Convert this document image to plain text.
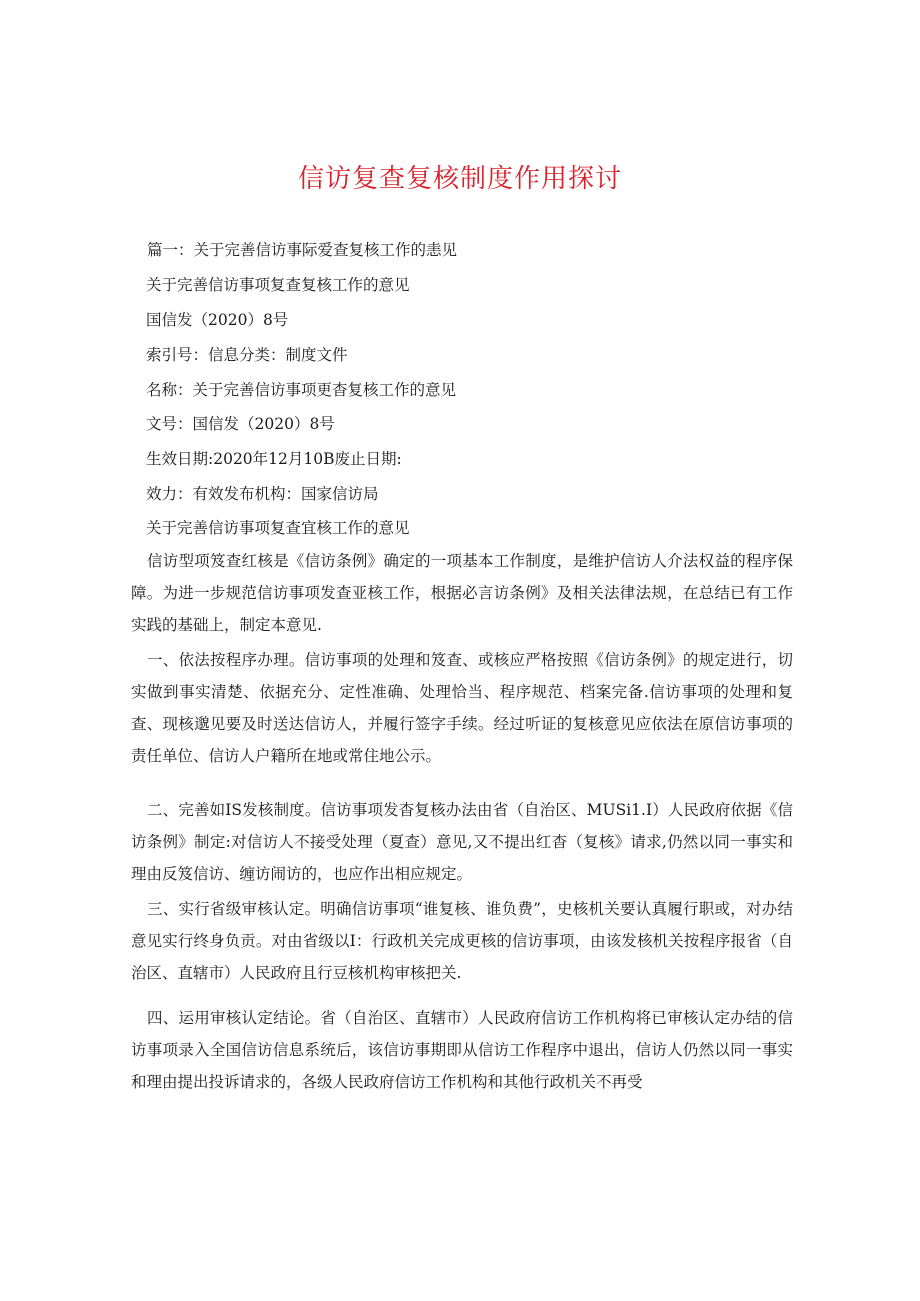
信访复查复核制度作用探讨

篇一：关于完善信访事际爱查复核工作的恚见

关于完善信访事项复查复核工作的意见

国信发（2020）8号

索引号：信息分类：制度文件

名称：关于完善信访事项更杳复核工作的意见

文号：国信发（2020）8号

生效日期:2020年12月10B废止日期:

效力：有效发布机构：国家信访局

关于完善信访事项复查宜核工作的意见

信访型项笈查红核是《信访条例》确定的一项基本工作制度，是维护信访人介法权益的程序保障。为进一步规范信访事项发查亚核工作，根据必言访条例》及相关法律法规，在总结已有工作实践的基础上，制定本意见.

一、依法按程序办理。信访事项的处理和笈查、或核应严格按照《信访条例》的规定进行，切实做到事实清楚、依据充分、定性准确、处理恰当、程序规范、档案完备.信访事项的处理和复查、现核邈见要及时送达信访人，并履行签字手续。经过听证的复核意见应依法在原信访事项的责任单位、信访人户籍所在地或常住地公示。

二、完善如IS发核制度。信访事项发杳复核办法由省（自治区、MUSi1.I）人民政府依据《信访条例》制定:对信访人不接受处理（夏查）意见,又不提出红杳（复核》请求,仍然以同一事实和理由反笈信访、缠访闹访的，也应作出相应规定。

三、实行省级审核认定。明确信访事项“谁复核、谁负费”，史核机关要认真履行职或，对办结意见实行终身负贡。对由省级以I：行政机关完成更核的信访事项，由该发核机关按程序报省（自治区、直辖市）人民政府且行豆核机构审核把关.

四、运用审核认定结论。省（自治区、直辖市）人民政府信访工作机构将已审核认定办结的信访事项录入全国信访信息系统后，该信访事期即从信访工作程序中退出，信访人仍然以同一事实和理由提出投诉请求的，各级人民政府信访工作机构和其他行政机关不再受
